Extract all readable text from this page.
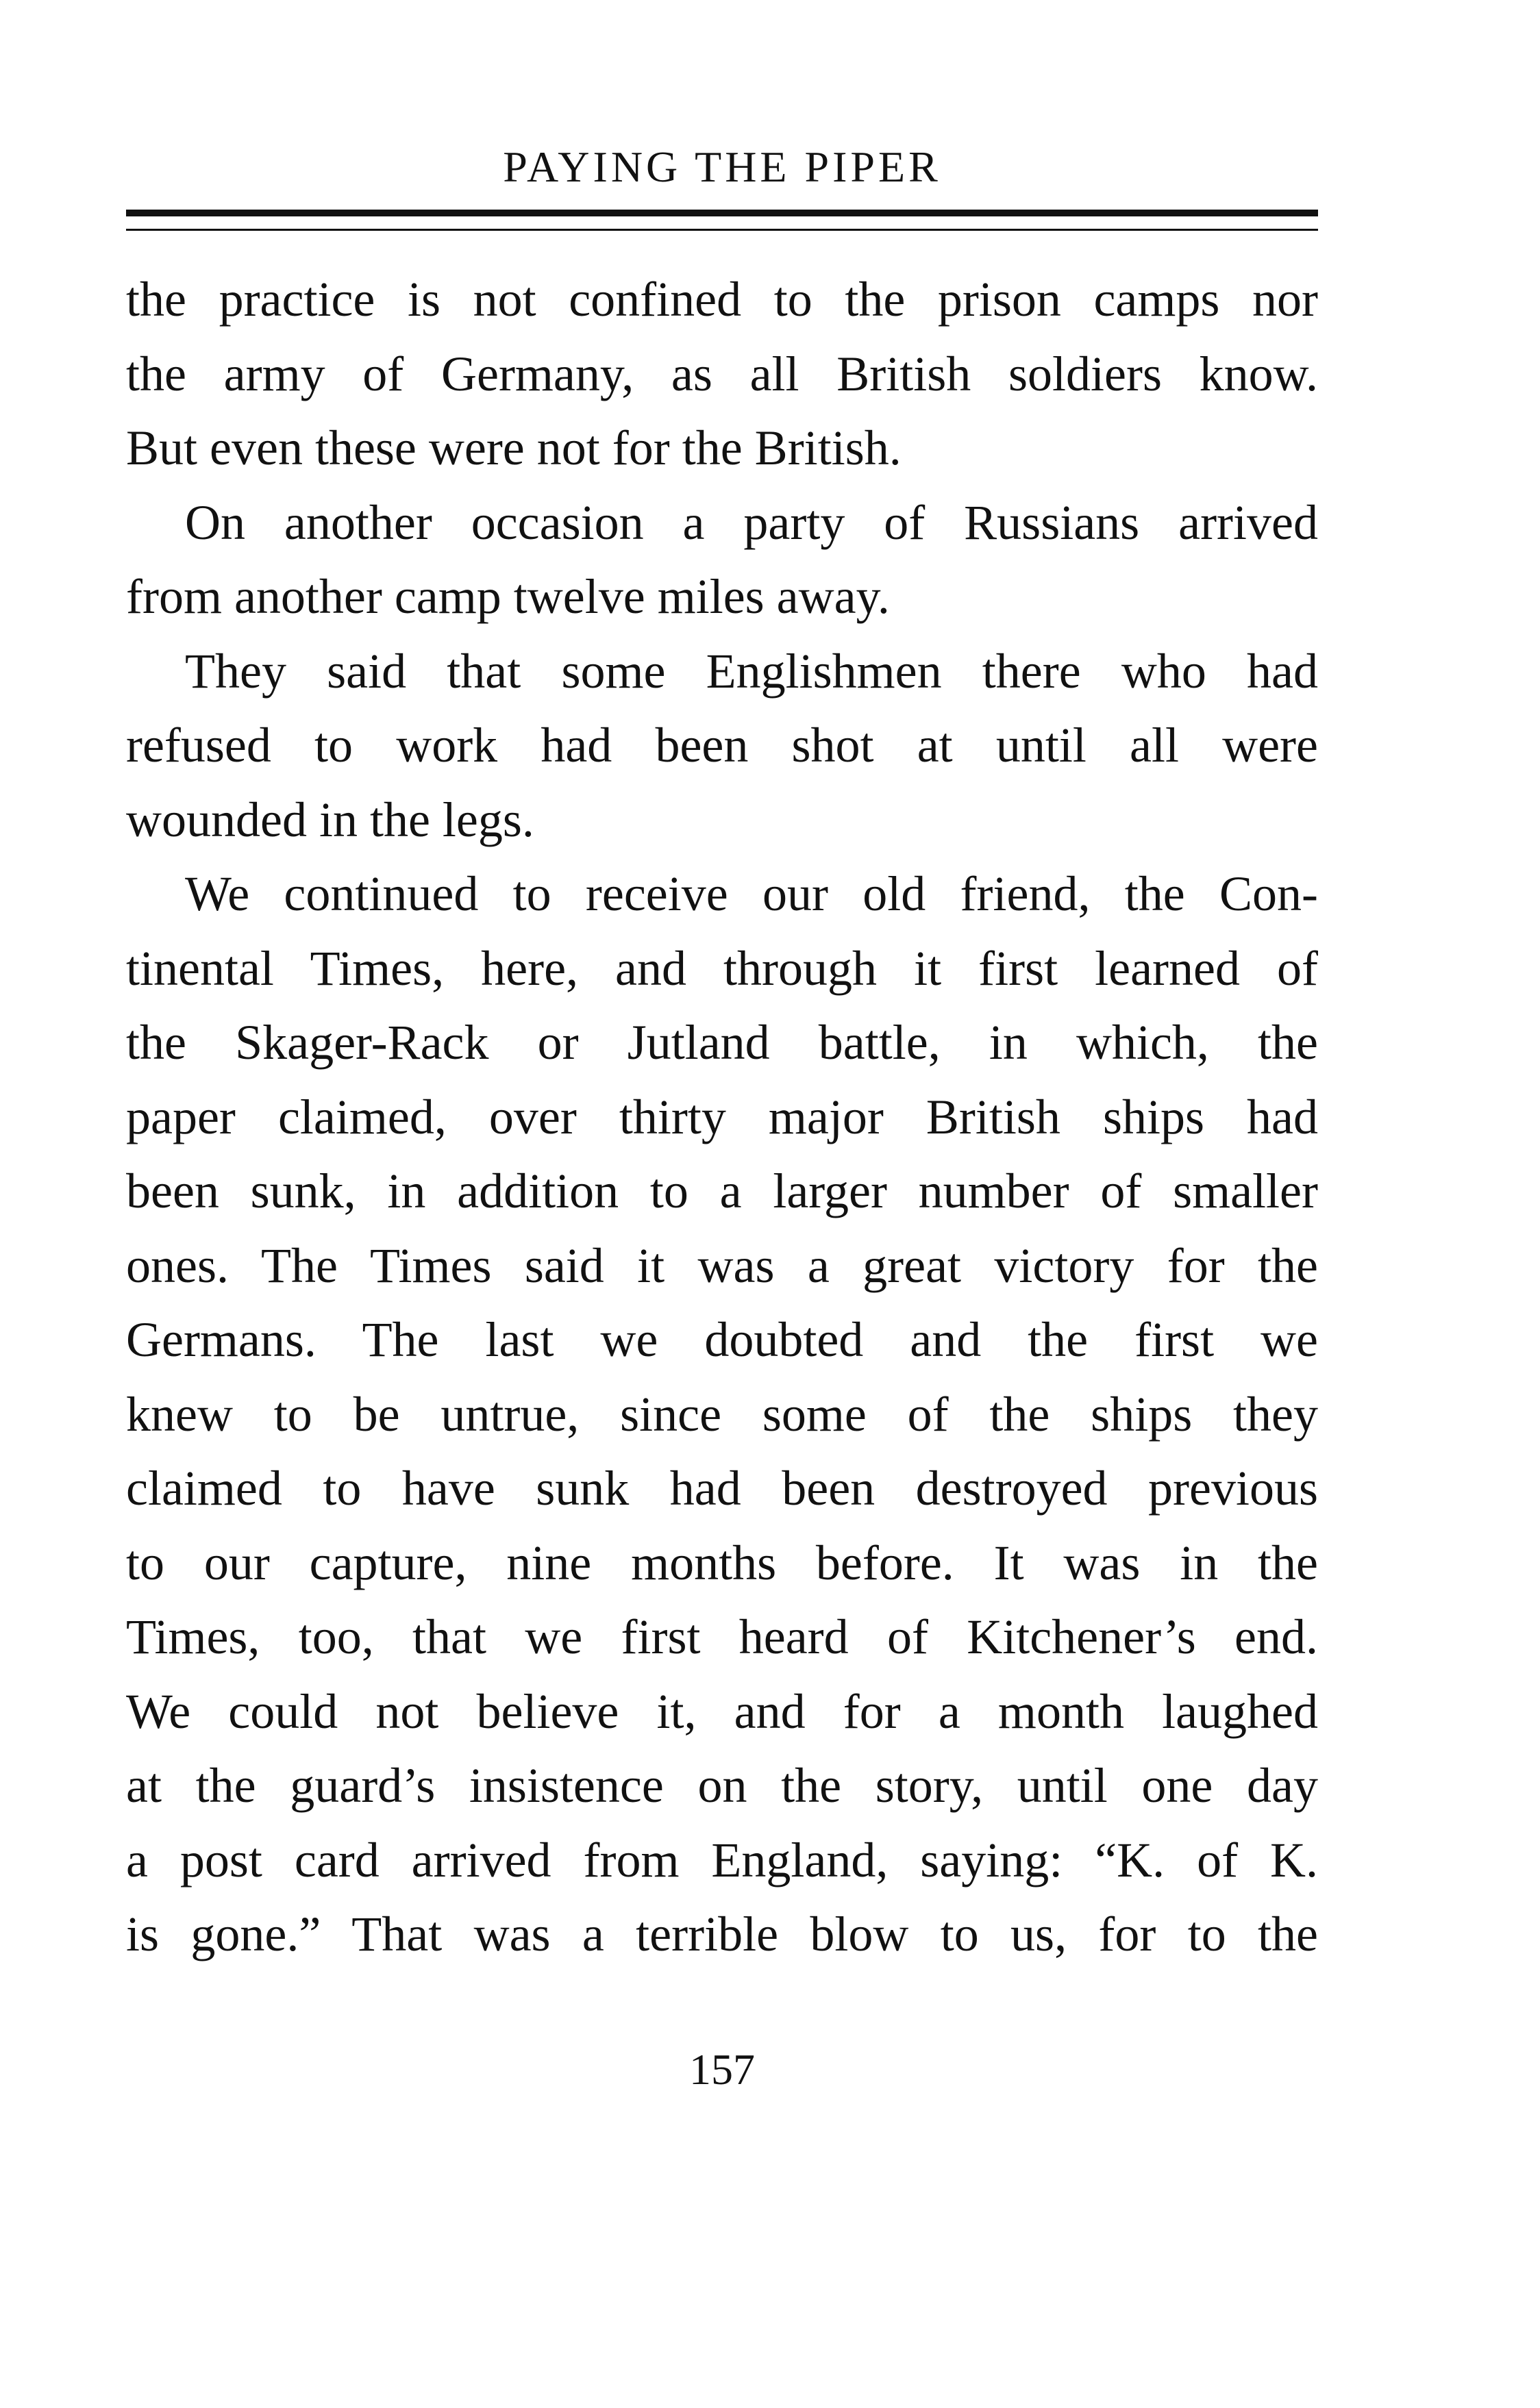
PAYING THE PIPER
the practice is not confined to the prison camps nor
the army of Germany, as all British soldiers know.
But even these were not for the British.
On another occasion a party of Russians arrived
from another camp twelve miles away.
They said that some Englishmen there who had
refused to work had been shot at until all were
wounded in the legs.
We continued to receive our old friend, the Con-
tinental Times, here, and through it first learned of
the Skager-Rack or Jutland battle, in which, the
paper claimed, over thirty major British ships had
been sunk, in addition to a larger number of smaller
ones. The Times said it was a great victory for the
Germans. The last we doubted and the first we
knew to be untrue, since some of the ships they
claimed to have sunk had been destroyed previous
to our capture, nine months before. It was in the
Times, too, that we first heard of Kitchener’s end.
We could not believe it, and for a month laughed
at the guard’s insistence on the story, until one day
a post card arrived from England, saying: “K. of K.
is gone.” That was a terrible blow to us, for to the
157
